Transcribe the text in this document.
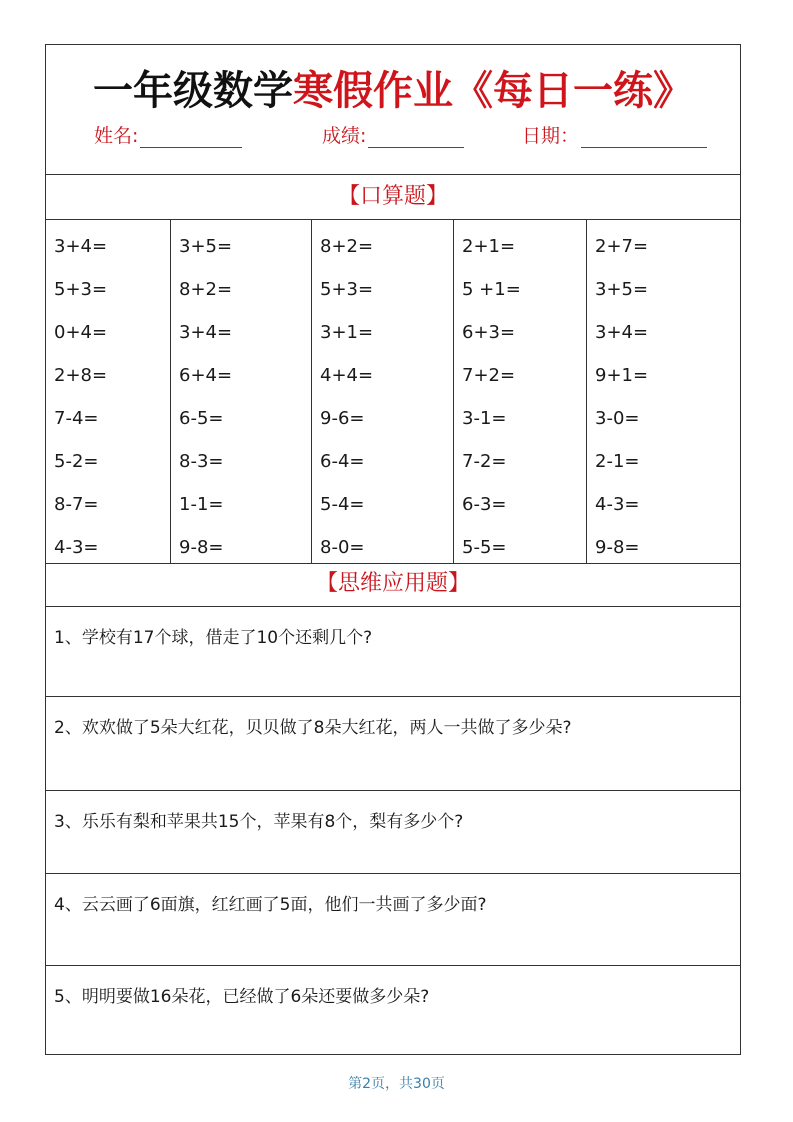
一年级数学寒假作业《每日一练》
姓名:	成绩:	日期：
【口算题】
3+4=
5+3=
0+4=
2+8=
7-4=
5-2=
8-7=
4-3=
3+5=
8+2=
3+4=
6+4=
6-5=
8-3=
1-1=
9-8=
8+2=
5+3=
3+1=
4+4=
9-6=
6-4=
5-4=
8-0=
2+1=
5 +1=
6+3=
7+2=
3-1=
7-2=
6-3=
5-5=
2+7=
3+5=
3+4=
9+1=
3-0=
2-1=
4-3=
9-8=
【思维应用题】
1、学校有17个球，借走了10个还剩几个?
2、欢欢做了5朵大红花，贝贝做了8朵大红花，两人一共做了多少朵?
3、乐乐有梨和苹果共15个，苹果有8个，梨有多少个?
4、云云画了6面旗，红红画了5面，他们一共画了多少面?
5、明明要做16朵花，已经做了6朵还要做多少朵?
第2页，共30页
